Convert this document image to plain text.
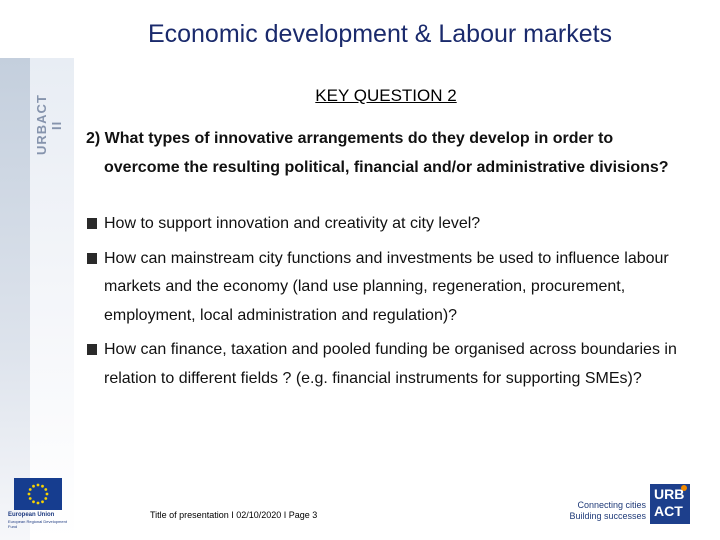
URBACT II
Economic development & Labour markets
KEY QUESTION 2
2) What types of innovative arrangements do they develop in order to
overcome the resulting political, financial and/or administrative divisions?
How to support innovation and creativity at city level?
How can mainstream city functions and investments be used to influence labour markets and the economy (land use planning, regeneration, procurement, employment, local administration and regulation)?
How can finance, taxation and pooled funding be organised across boundaries in relation to different fields ? (e.g. financial instruments for supporting SMEs)?
European Union
European Regional Development Fund
Title of presentation I 02/10/2020 I Page 3
Connecting cities
Building successes
URB
ACT
